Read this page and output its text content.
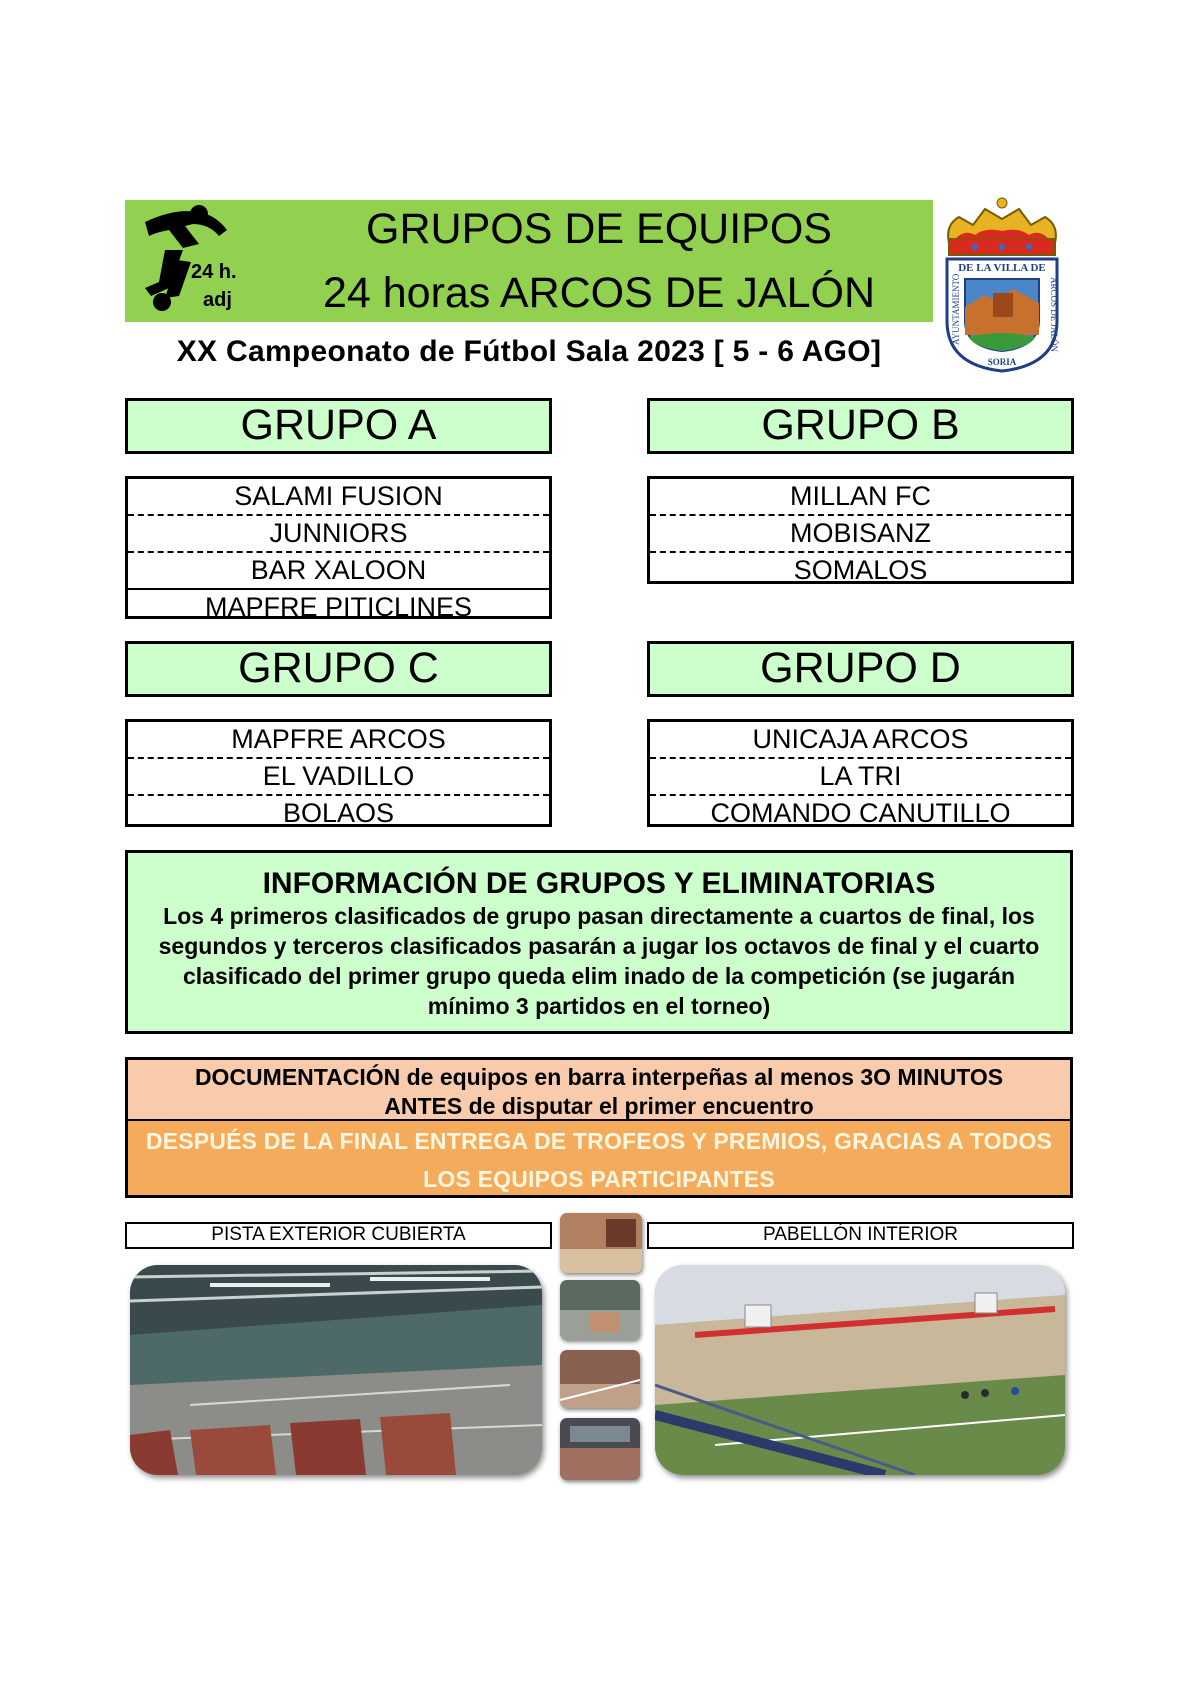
24 h.
adj
GRUPOS DE EQUIPOS
24 horas ARCOS DE JALÓN
XX Campeonato de Fútbol Sala 2023 [ 5 - 6 AGO]
DE LA VILLA DE
SORIA
AYUNTAMIENTO	ARCOS DE JALÓN
GRUPO A
SALAMI FUSION
JUNNIORS
BAR XALOON
MAPFRE PITICLINES
GRUPO B
MILLAN FC
MOBISANZ
SOMALOS
GRUPO C
MAPFRE ARCOS
EL VADILLO
BOLAOS
GRUPO D
UNICAJA ARCOS
LA TRI
COMANDO CANUTILLO
INFORMACIÓN DE GRUPOS Y ELIMINATORIAS
Los 4 primeros clasificados de grupo pasan directamente a cuartos de final, los
segundos y terceros clasificados pasarán a jugar los octavos de final y el cuarto
clasificado del primer grupo queda elim inado de la competición (se jugarán
mínimo 3 partidos en el torneo)
DOCUMENTACIÓN de equipos en barra interpeñas al menos 3O MINUTOS
ANTES de disputar el primer encuentro
DESPUÉS DE LA FINAL ENTREGA DE TROFEOS Y PREMIOS, GRACIAS A TODOS
LOS EQUIPOS PARTICIPANTES
PISTA EXTERIOR CUBIERTA	PABELLÓN INTERIOR
